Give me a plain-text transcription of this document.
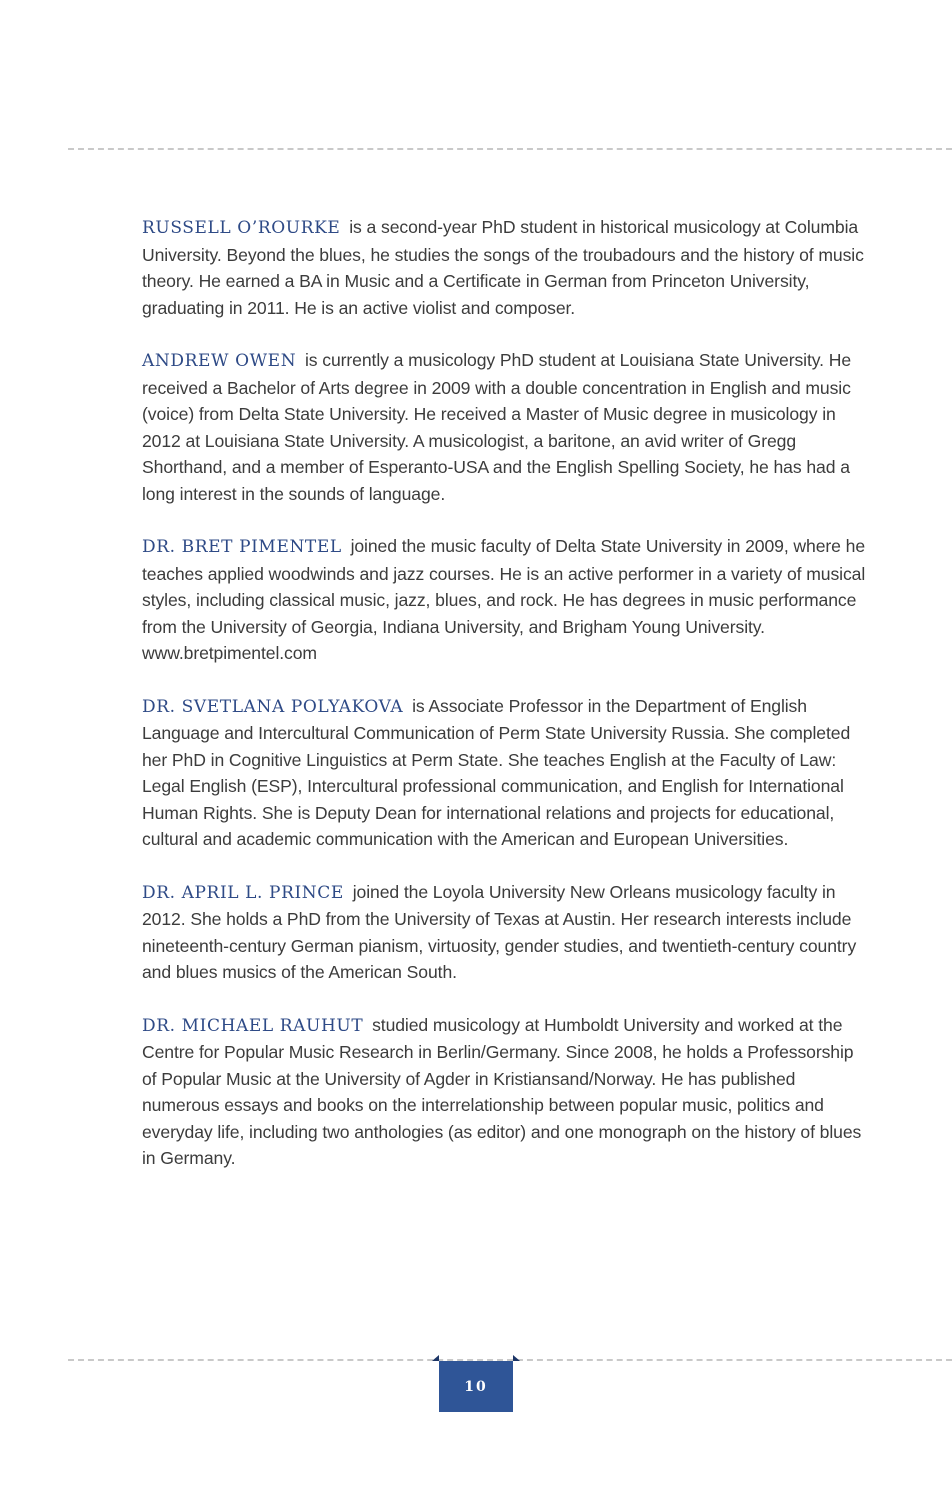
RUSSELL O’ROURKE is a second-year PhD student in historical musicology at Columbia University. Beyond the blues, he studies the songs of the troubadours and the history of music theory. He earned a BA in Music and a Certificate in German from Princeton University, graduating in 2011. He is an active violist and composer.

ANDREW OWEN is currently a musicology PhD student at Louisiana State University. He received a Bachelor of Arts degree in 2009 with a double concentration in English and music (voice) from Delta State University. He received a Master of Music degree in musicology in 2012 at Louisiana State University. A musicologist, a baritone, an avid writer of Gregg Shorthand, and a member of Esperanto-USA and the English Spelling Society, he has had a long interest in the sounds of language.

DR. BRET PIMENTEL joined the music faculty of Delta State University in 2009, where he teaches applied woodwinds and jazz courses. He is an active performer in a variety of musical styles, including classical music, jazz, blues, and rock. He has degrees in music performance from the University of Georgia, Indiana University, and Brigham Young University. www.bretpimentel.com

DR. SVETLANA POLYAKOVA is Associate Professor in the Department of English Language and Intercultural Communication of Perm State University Russia. She completed her PhD in Cognitive Linguistics at Perm State. She teaches English at the Faculty of Law: Legal English (ESP), Intercultural professional communication, and English for International Human Rights. She is Deputy Dean for international relations and projects for educational, cultural and academic communication with the American and European Universities.

DR. APRIL L. PRINCE joined the Loyola University New Orleans musicology faculty in 2012. She holds a PhD from the University of Texas at Austin. Her research interests include nineteenth-century German pianism, virtuosity, gender studies, and twentieth-century country and blues musics of the American South.

DR. MICHAEL RAUHUT studied musicology at Humboldt University and worked at the Centre for Popular Music Research in Berlin/Germany. Since 2008, he holds a Professorship of Popular Music at the University of Agder in Kristiansand/Norway. He has published numerous essays and books on the interrelationship between popular music, politics and everyday life, including two anthologies (as editor) and one monograph on the history of blues in Germany.

10
